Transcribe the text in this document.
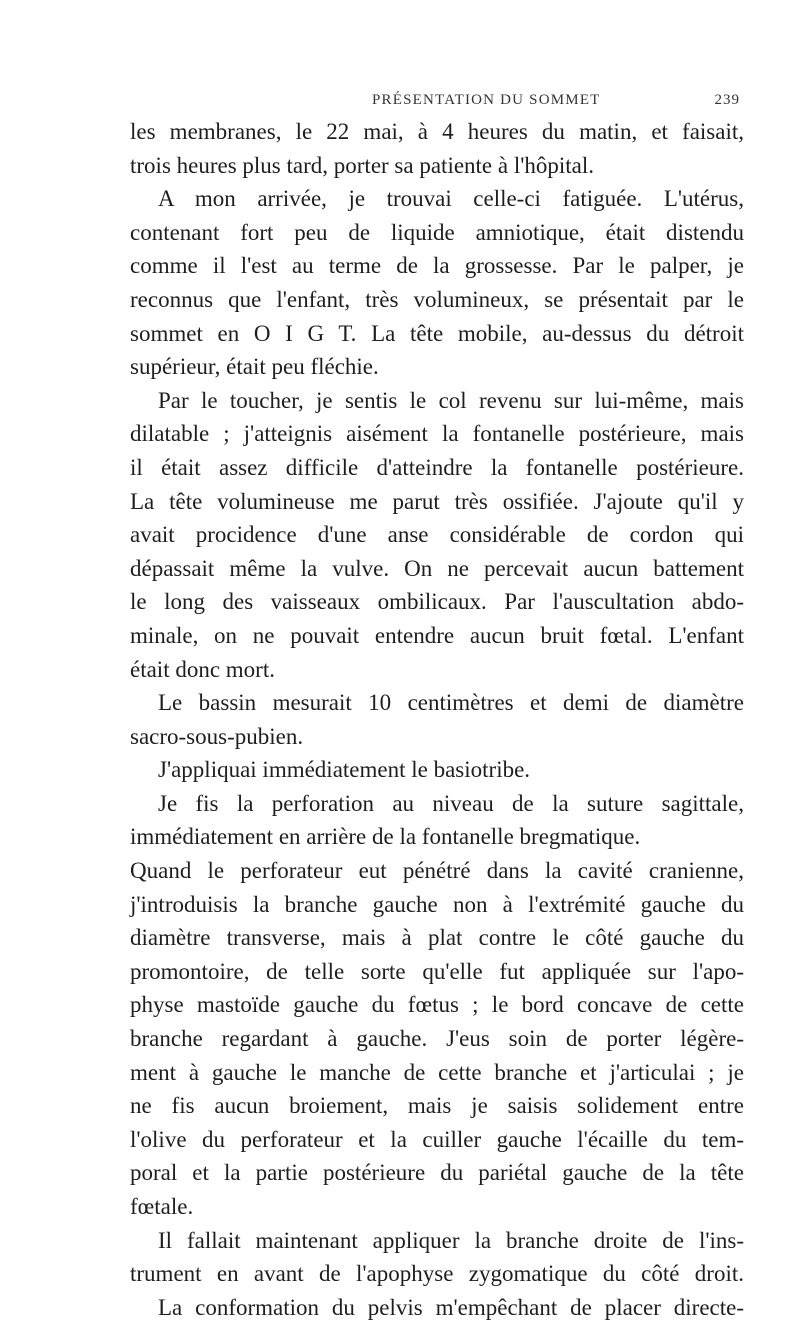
PRÉSENTATION DU SOMMET	239
les membranes, le 22 mai, à 4 heures du matin, et faisait,
trois heures plus tard, porter sa patiente à l'hôpital.
A mon arrivée, je trouvai celle-ci fatiguée. L'utérus,
contenant fort peu de liquide amniotique, était distendu
comme il l'est au terme de la grossesse. Par le palper, je
reconnus que l'enfant, très volumineux, se présentait par le
sommet en O I G T. La tête mobile, au-dessus du détroit
supérieur, était peu fléchie.
Par le toucher, je sentis le col revenu sur lui-même, mais
dilatable ; j'atteignis aisément la fontanelle postérieure, mais
il était assez difficile d'atteindre la fontanelle postérieure.
La tête volumineuse me parut très ossifiée. J'ajoute qu'il y
avait procidence d'une anse considérable de cordon qui
dépassait même la vulve. On ne percevait aucun battement
le long des vaisseaux ombilicaux. Par l'auscultation abdo-
minale, on ne pouvait entendre aucun bruit fœtal. L'enfant
était donc mort.
Le bassin mesurait 10 centimètres et demi de diamètre
sacro-sous-pubien.
J'appliquai immédiatement le basiotribe.
Je fis la perforation au niveau de la suture sagittale,
immédiatement en arrière de la fontanelle bregmatique.
Quand le perforateur eut pénétré dans la cavité cranienne,
j'introduisis la branche gauche non à l'extrémité gauche du
diamètre transverse, mais à plat contre le côté gauche du
promontoire, de telle sorte qu'elle fut appliquée sur l'apo-
physe mastoïde gauche du fœtus ; le bord concave de cette
branche regardant à gauche. J'eus soin de porter légère-
ment à gauche le manche de cette branche et j'articulai ; je
ne fis aucun broiement, mais je saisis solidement entre
l'olive du perforateur et la cuiller gauche l'écaille du tem-
poral et la partie postérieure du pariétal gauche de la tête
fœtale.
Il fallait maintenant appliquer la branche droite de l'ins-
trument en avant de l'apophyse zygomatique du côté droit.
La conformation du pelvis m'empêchant de placer directe-
